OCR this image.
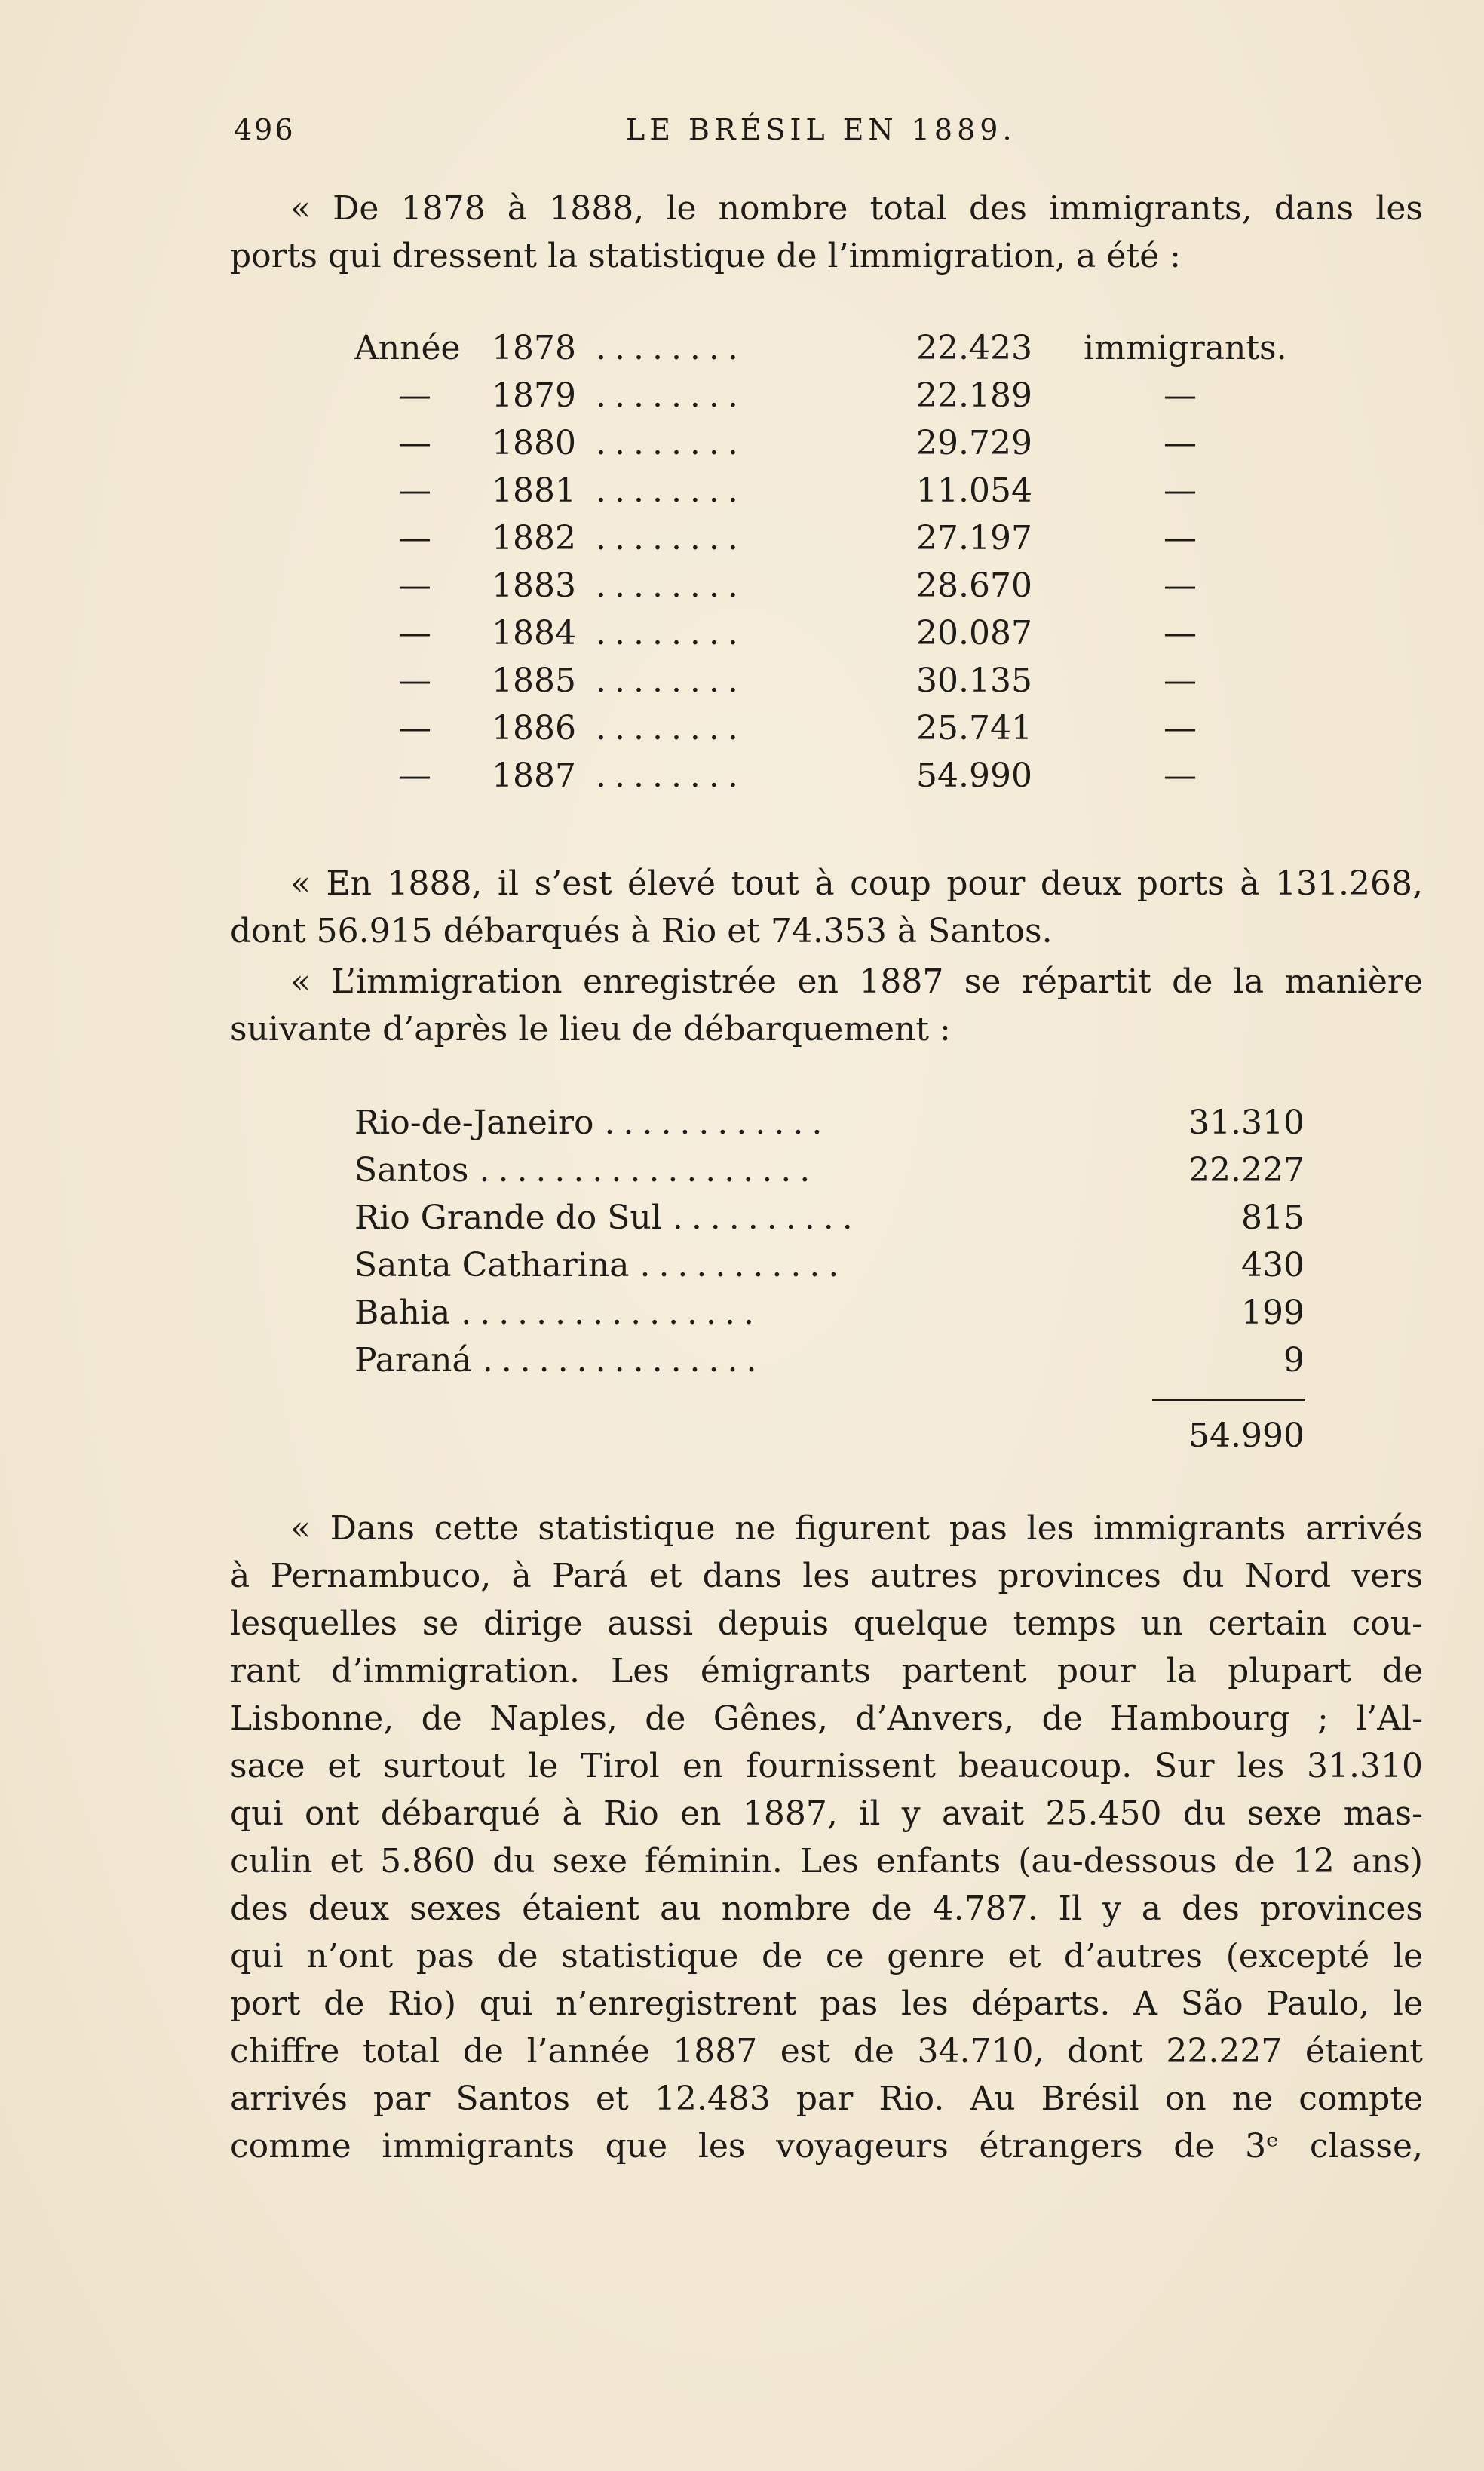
496	LE BRÉSIL EN 1889.

« De 1878 à 1888, le nombre total des immigrants, dans les
ports qui dressent la statistique de l’immigration, a été :

Année 1878 ........	22.423	immigrants.
— 1879 ........	22.189	—
— 1880 ........	29.729	—
— 1881 ........	11.054	—
— 1882 ........	27.197	—
— 1883 ........	28.670	—
— 1884 ........	20.087	—
— 1885 ........	30.135	—
— 1886 ........	25.741	—
— 1887 ........	54.990	—

« En 1888, il s’est élevé tout à coup pour deux ports à 131.268,
dont 56.915 débarqués à Rio et 74.353 à Santos.

« L’immigration enregistrée en 1887 se répartit de la manière
suivante d’après le lieu de débarquement :

Rio-de-Janeiro ............	31.310
Santos ..................	22.227
Rio Grande do Sul ..........	815
Santa Catharina ...........	430
Bahia ................	199
Paraná ...............	9
54.990

« Dans cette statistique ne figurent pas les immigrants arrivés
à Pernambuco, à Pará et dans les autres provinces du Nord vers
lesquelles se dirige aussi depuis quelque temps un certain cou-
rant d’immigration. Les émigrants partent pour la plupart de
Lisbonne, de Naples, de Gênes, d’Anvers, de Hambourg ; l’Al-
sace et surtout le Tirol en fournissent beaucoup. Sur les 31.310
qui ont débarqué à Rio en 1887, il y avait 25.450 du sexe mas-
culin et 5.860 du sexe féminin. Les enfants (au-dessous de 12 ans)
des deux sexes étaient au nombre de 4.787. Il y a des provinces
qui n’ont pas de statistique de ce genre et d’autres (excepté le
port de Rio) qui n’enregistrent pas les départs. A São Paulo, le
chiffre total de l’année 1887 est de 34.710, dont 22.227 étaient
arrivés par Santos et 12.483 par Rio. Au Brésil on ne compte
comme immigrants que les voyageurs étrangers de 3ᵉ classe,
